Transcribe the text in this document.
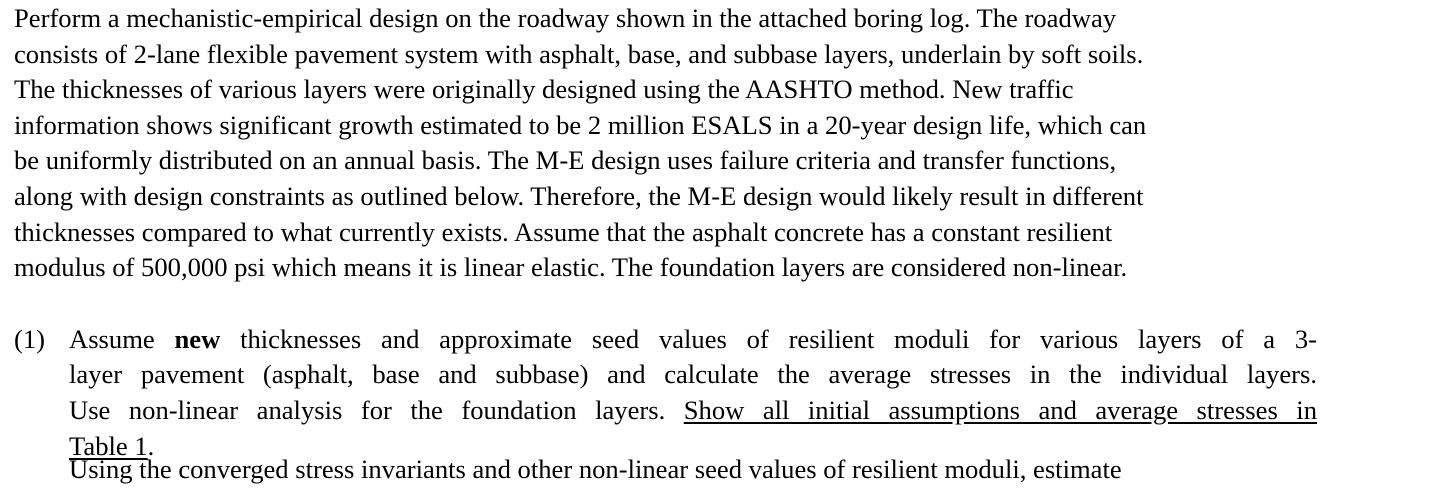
Perform a mechanistic-empirical design on the roadway shown in the attached boring log. The roadway
consists of 2-lane flexible pavement system with asphalt, base, and subbase layers, underlain by soft soils.
The thicknesses of various layers were originally designed using the AASHTO method. New traffic
information shows significant growth estimated to be 2 million ESALS in a 20-year design life, which can
be uniformly distributed on an annual basis. The M-E design uses failure criteria and transfer functions,
along with design constraints as outlined below. Therefore, the M-E design would likely result in different
thicknesses compared to what currently exists. Assume that the asphalt concrete has a constant resilient
modulus of 500,000 psi which means it is linear elastic. The foundation layers are considered non-linear.
(1) Assume new thicknesses and approximate seed values of resilient moduli for various layers of a 3-
layer pavement (asphalt, base and subbase) and calculate the average stresses in the individual layers.
Use non-linear analysis for the foundation layers. Show all initial assumptions and average stresses in
Table 1.
Using the converged stress invariants and other non-linear seed values of resilient moduli, estimate
